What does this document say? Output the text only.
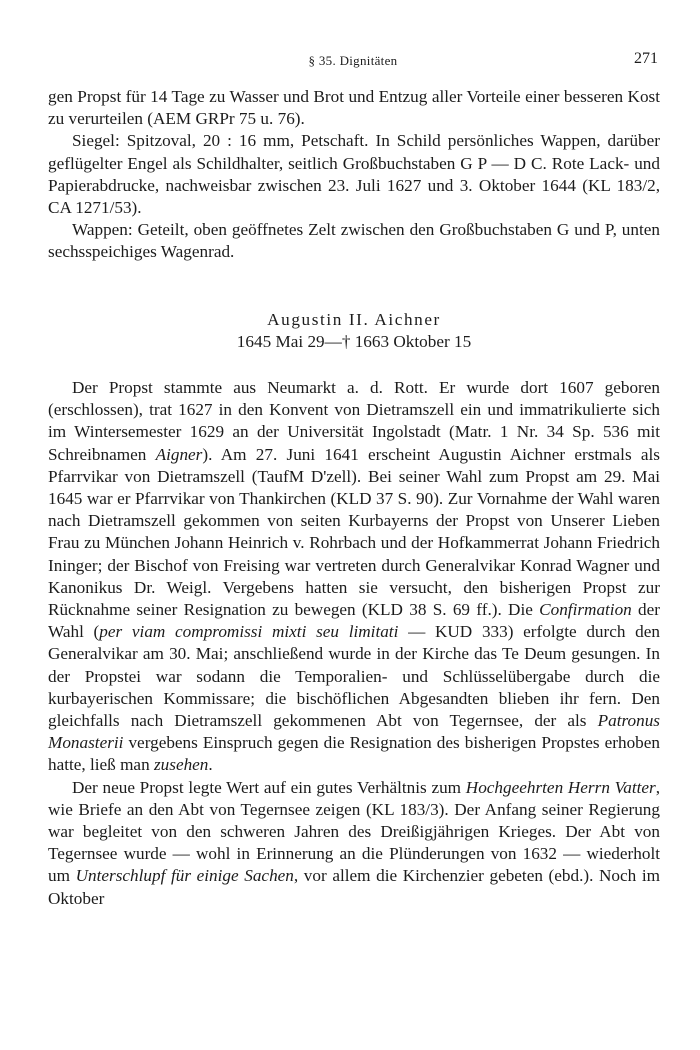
§ 35. Dignitäten	271

gen Propst für 14 Tage zu Wasser und Brot und Entzug aller Vorteile einer besseren Kost zu verurteilen (AEM GRPr 75 u. 76).

Siegel: Spitzoval, 20 : 16 mm, Petschaft. In Schild persönliches Wappen, darüber geflügelter Engel als Schildhalter, seitlich Großbuchstaben G P — D C. Rote Lack- und Papierabdrucke, nachweisbar zwischen 23. Juli 1627 und 3. Oktober 1644 (KL 183/2, CA 1271/53).

Wappen: Geteilt, oben geöffnetes Zelt zwischen den Großbuchstaben G und P, unten sechsspeichiges Wagenrad.

Augustin II. Aichner
1645 Mai 29—† 1663 Oktober 15

Der Propst stammte aus Neumarkt a. d. Rott. Er wurde dort 1607 geboren (erschlossen), trat 1627 in den Konvent von Dietramszell ein und immatrikulierte sich im Wintersemester 1629 an der Universität Ingolstadt (Matr. 1 Nr. 34 Sp. 536 mit Schreibnamen Aigner). Am 27. Juni 1641 erscheint Augustin Aichner erstmals als Pfarrvikar von Dietramszell (TaufM D'zell). Bei seiner Wahl zum Propst am 29. Mai 1645 war er Pfarrvikar von Thankirchen (KLD 37 S. 90). Zur Vornahme der Wahl waren nach Dietramszell gekommen von seiten Kurbayerns der Propst von Unserer Lieben Frau zu München Johann Heinrich v. Rohrbach und der Hofkammerrat Johann Friedrich Ininger; der Bischof von Freising war vertreten durch Generalvikar Konrad Wagner und Kanonikus Dr. Weigl. Vergebens hatten sie versucht, den bisherigen Propst zur Rücknahme seiner Resignation zu bewegen (KLD 38 S. 69 ff.). Die Confirmation der Wahl (per viam compromissi mixti seu limitati — KUD 333) erfolgte durch den Generalvikar am 30. Mai; anschließend wurde in der Kirche das Te Deum gesungen. In der Propstei war sodann die Temporalien- und Schlüsselübergabe durch die kurbayerischen Kommissare; die bischöflichen Abgesandten blieben ihr fern. Den gleichfalls nach Dietramszell gekommenen Abt von Tegernsee, der als Patronus Monasterii vergebens Einspruch gegen die Resignation des bisherigen Propstes erhoben hatte, ließ man zusehen.

Der neue Propst legte Wert auf ein gutes Verhältnis zum Hochgeehrten Herrn Vatter, wie Briefe an den Abt von Tegernsee zeigen (KL 183/3). Der Anfang seiner Regierung war begleitet von den schweren Jahren des Dreißigjährigen Krieges. Der Abt von Tegernsee wurde — wohl in Erinnerung an die Plünderungen von 1632 — wiederholt um Unterschlupf für einige Sachen, vor allem die Kirchenzier gebeten (ebd.). Noch im Oktober
